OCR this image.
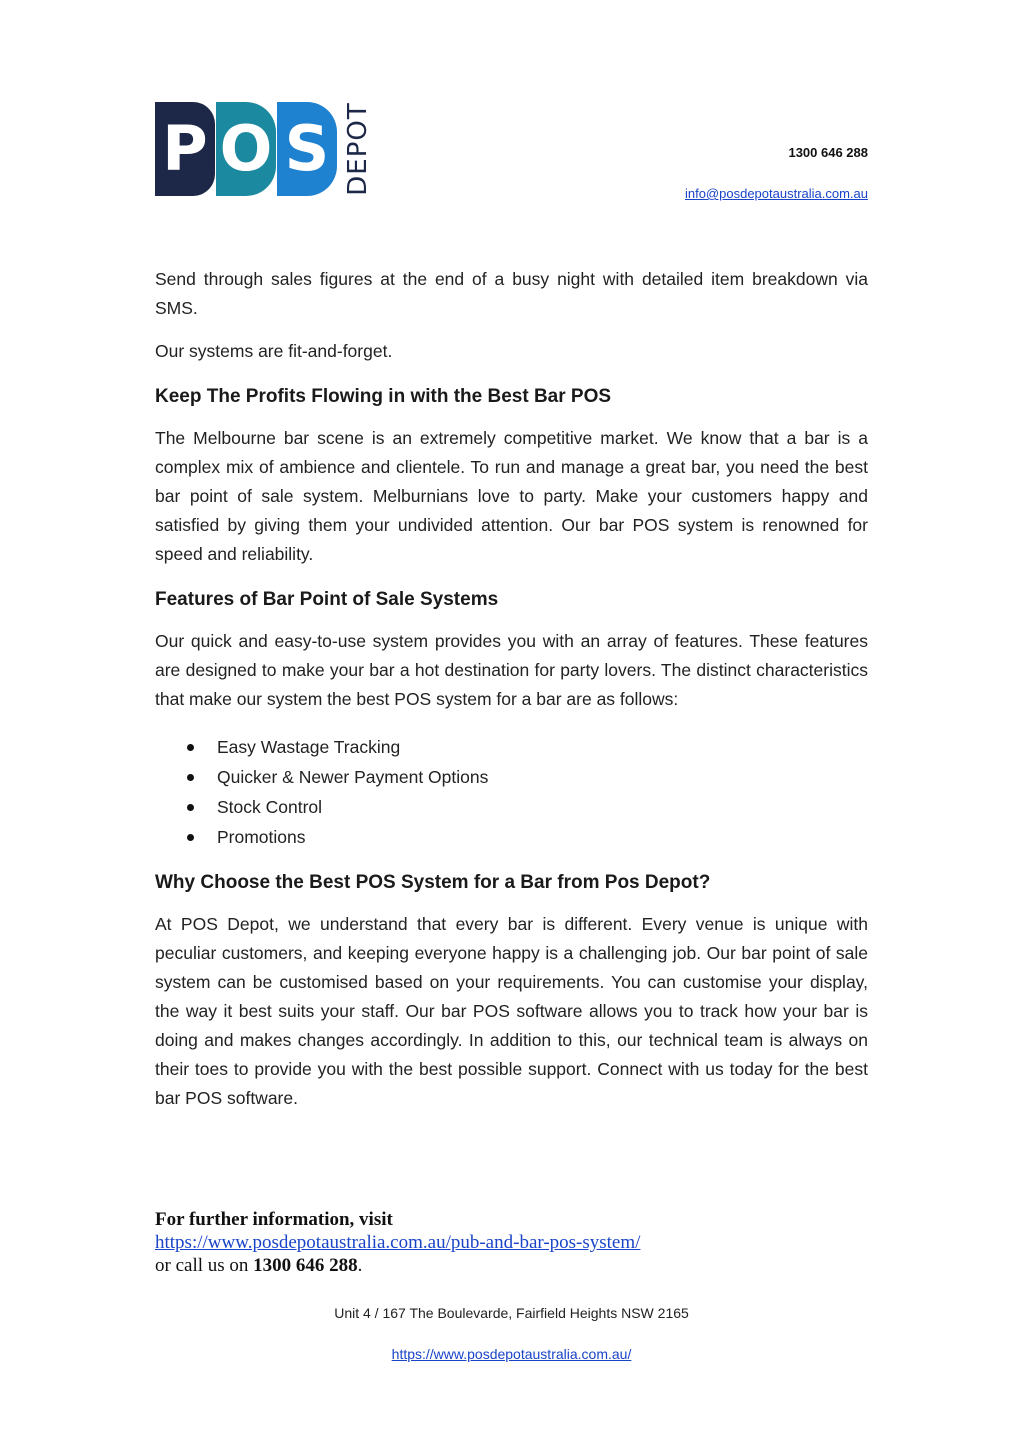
P O S DEPOT	1300 646 288
info@posdepotaustralia.com.au

Send through sales figures at the end of a busy night with detailed item breakdown via SMS.

Our systems are fit-and-forget.

Keep The Profits Flowing in with the Best Bar POS

The Melbourne bar scene is an extremely competitive market. We know that a bar is a complex mix of ambience and clientele. To run and manage a great bar, you need the best bar point of sale system. Melburnians love to party. Make your customers happy and satisfied by giving them your undivided attention. Our bar POS system is renowned for speed and reliability.

Features of Bar Point of Sale Systems

Our quick and easy-to-use system provides you with an array of features. These features are designed to make your bar a hot destination for party lovers. The distinct characteristics that make our system the best POS system for a bar are as follows:

Easy Wastage Tracking
Quicker & Newer Payment Options
Stock Control
Promotions
Why Choose the Best POS System for a Bar from Pos Depot?

At POS Depot, we understand that every bar is different. Every venue is unique with peculiar customers, and keeping everyone happy is a challenging job. Our bar point of sale system can be customised based on your requirements. You can customise your display, the way it best suits your staff. Our bar POS software allows you to track how your bar is doing and makes changes accordingly. In addition to this, our technical team is always on their toes to provide you with the best possible support. Connect with us today for the best bar POS software.

For further information, visit
https://www.posdepotaustralia.com.au/pub-and-bar-pos-system/
or call us on 1300 646 288.
Unit 4 / 167 The Boulevarde, Fairfield Heights NSW 2165
https://www.posdepotaustralia.com.au/
